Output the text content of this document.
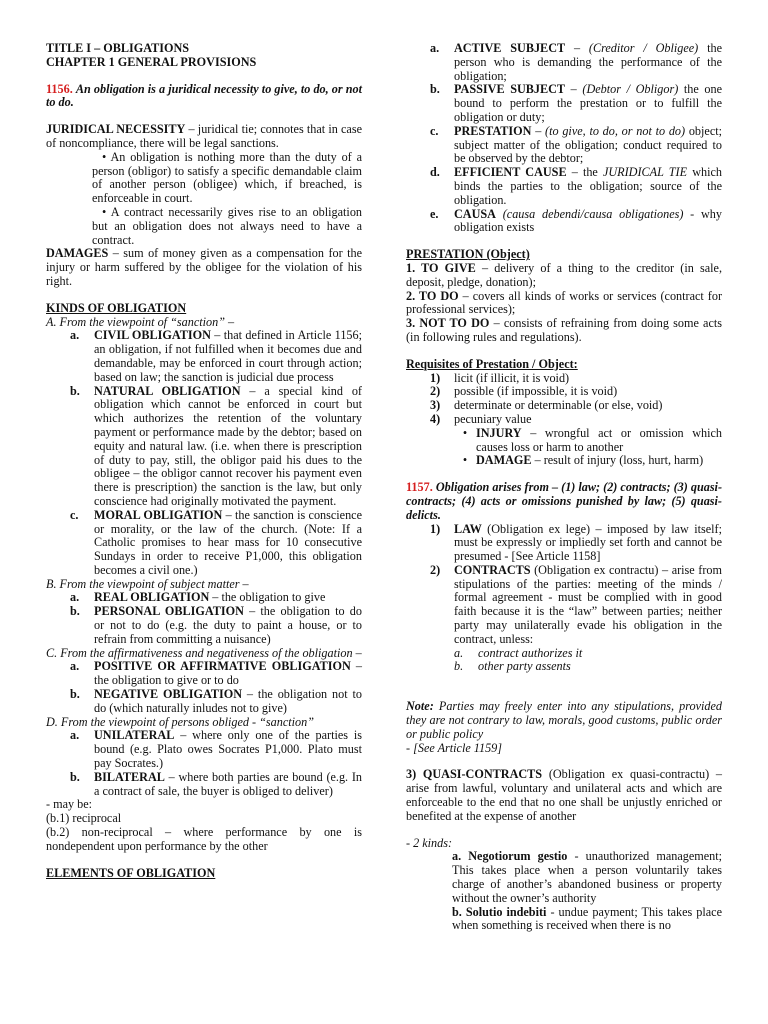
TITLE I – OBLIGATIONS

CHAPTER 1 GENERAL PROVISIONS

1156. An obligation is a juridical necessity to give, to do, or not to do.

JURIDICAL NECESSITY – juridical tie; connotes that in case of noncompliance, there will be legal sanctions.

• An obligation is nothing more than the duty of a person (obligor) to satisfy a specific demandable claim of another person (obligee) which, if breached, is enforceable in court.

• A contract necessarily gives rise to an obligation but an obligation does not always need to have a contract.

DAMAGES – sum of money given as a compensation for the injury or harm suffered by the obligee for the violation of his right.

KINDS OF OBLIGATION

A. From the viewpoint of “sanction” –

a.	CIVIL OBLIGATION – that defined in Article 1156; an obligation, if not fulfilled when it becomes due and demandable, may be enforced in court through action; based on law; the sanction is judicial due process
b.	NATURAL OBLIGATION – a special kind of obligation which cannot be enforced in court but which authorizes the retention of the voluntary payment or performance made by the debtor; based on equity and natural law. (i.e. when there is prescription of duty to pay, still, the obligor paid his dues to the obligee – the obligor cannot recover his payment even there is prescription) the sanction is the law, but only conscience had originally motivated the payment.
c.	MORAL OBLIGATION – the sanction is conscience or morality, or the law of the church. (Note: If a Catholic promises to hear mass for 10 consecutive Sundays in order to receive P1,000, this obligation becomes a civil one.)

B. From the viewpoint of subject matter –

a.	REAL OBLIGATION – the obligation to give
b.	PERSONAL OBLIGATION – the obligation to do or not to do (e.g. the duty to paint a house, or to refrain from committing a nuisance)

C. From the affirmativeness and negativeness of the obligation –

a.	POSITIVE OR AFFIRMATIVE OBLIGATION – the obligation to give or to do
b.	NEGATIVE OBLIGATION – the obligation not to do (which naturally inludes not to give)

D. From the viewpoint of persons obliged - “sanction”

a.	UNILATERAL – where only one of the parties is bound (e.g. Plato owes Socrates P1,000. Plato must pay Socrates.)
b.	BILATERAL – where both parties are bound (e.g. In a contract of sale, the buyer is obliged to deliver)

- may be:

(b.1) reciprocal

(b.2) non-reciprocal – where performance by one is nondependent upon performance by the other

ELEMENTS OF OBLIGATION

a.	ACTIVE SUBJECT – (Creditor / Obligee) the person who is demanding the performance of the obligation;
b.	PASSIVE SUBJECT – (Debtor / Obligor) the one bound to perform the prestation or to fulfill the obligation or duty;
c.	PRESTATION – (to give, to do, or not to do) object; subject matter of the obligation; conduct required to be observed by the debtor;
d.	EFFICIENT CAUSE – the JURIDICAL TIE which binds the parties to the obligation; source of the obligation.
e.	CAUSA (causa debendi/causa obligationes) - why obligation exists

PRESTATION (Object)

1. TO GIVE – delivery of a thing to the creditor (in sale, deposit, pledge, donation);

2. TO DO – covers all kinds of works or services (contract for professional services);

3. NOT TO DO – consists of refraining from doing some acts (in following rules and regulations).

Requisites of Prestation / Object:

1)	licit (if illicit, it is void)
2)	possible (if impossible, it is void)
3)	determinate or determinable (or else, void)
4)	pecuniary value
• INJURY – wrongful act or omission which causes loss or harm to another
• DAMAGE – result of injury (loss, hurt, harm)

1157. Obligation arises from – (1) law; (2) contracts; (3) quasi-contracts; (4) acts or omissions punished by law; (5) quasi-delicts.

1)	LAW (Obligation ex lege) – imposed by law itself; must be expressly or impliedly set forth and cannot be presumed - [See Article 1158]
2)	CONTRACTS (Obligation ex contractu) – arise from stipulations of the parties: meeting of the minds / formal agreement - must be complied with in good faith because it is the “law” between parties; neither party may unilaterally evade his obligation in the contract, unless:
a.	contract authorizes it
b.	other party assents

Note: Parties may freely enter into any stipulations, provided they are not contrary to law, morals, good customs, public order or public policy

- [See Article 1159]

3) QUASI-CONTRACTS (Obligation ex quasi-contractu) – arise from lawful, voluntary and unilateral acts and which are enforceable to the end that no one shall be unjustly enriched or benefited at the expense of another

- 2 kinds:

a. Negotiorum gestio - unauthorized management; This takes place when a person voluntarily takes charge of another’s abandoned business or property without the owner’s authority

b. Solutio indebiti - undue payment; This takes place when something is received when there is no
